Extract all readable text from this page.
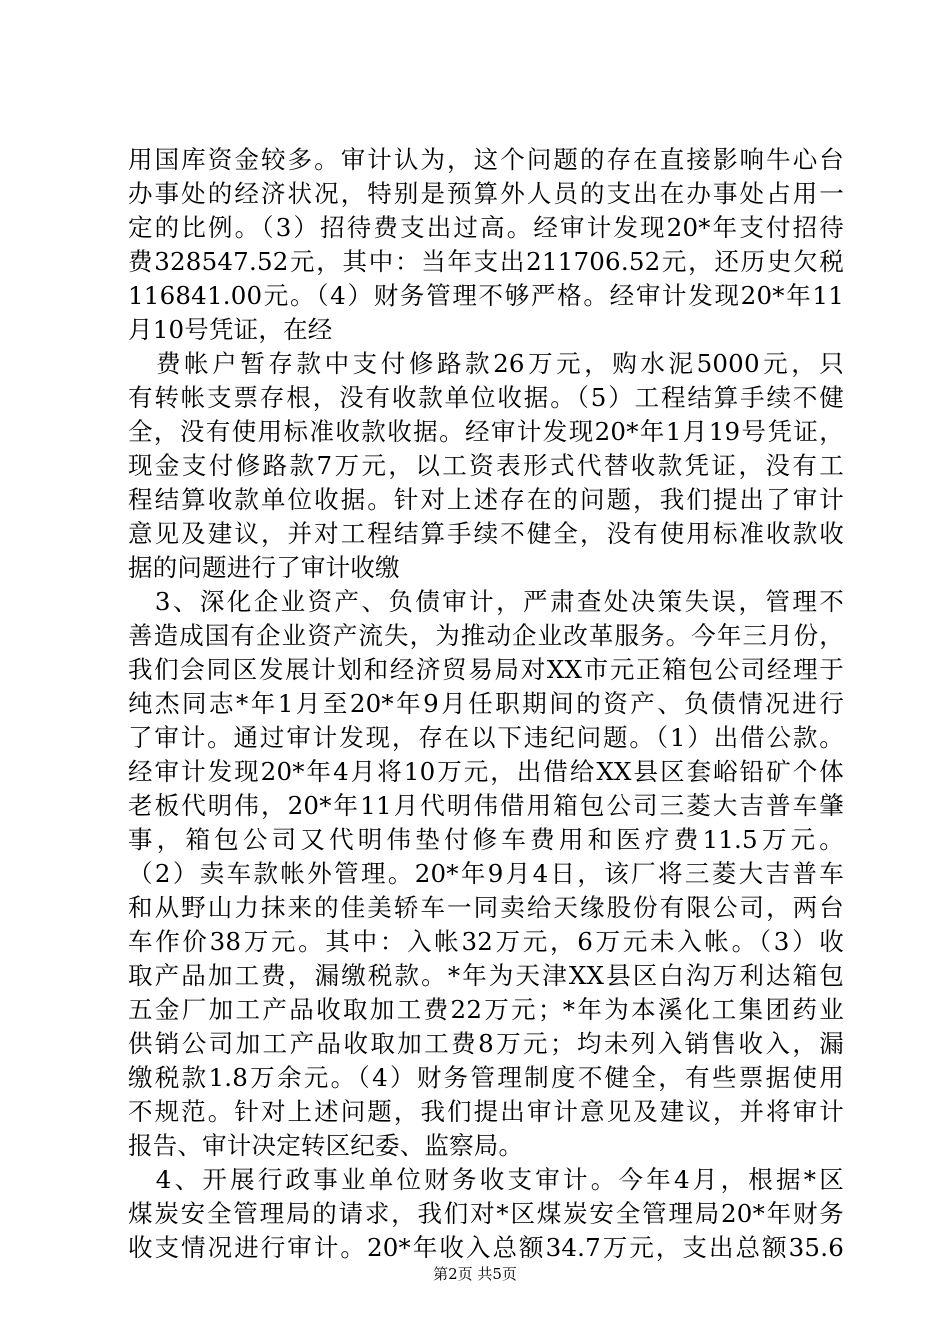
用国库资金较多。审计认为，这个问题的存在直接影响牛心台
办事处的经济状况，特别是预算外人员的支出在办事处占用一
定的比例。（3）招待费支出过高。经审计发现20*年支付招待
费328547.52元，其中：当年支出211706.52元，还历史欠税
116841.00元。（4）财务管理不够严格。经审计发现20*年11
月10号凭证，在经
　费帐户暂存款中支付修路款26万元，购水泥5000元，只
有转帐支票存根，没有收款单位收据。（5）工程结算手续不健
全，没有使用标准收款收据。经审计发现20*年1月19号凭证，
现金支付修路款7万元，以工资表形式代替收款凭证，没有工
程结算收款单位收据。针对上述存在的问题，我们提出了审计
意见及建议，并对工程结算手续不健全，没有使用标准收款收
据的问题进行了审计收缴
　3、深化企业资产、负债审计，严肃查处决策失误，管理不
善造成国有企业资产流失，为推动企业改革服务。今年三月份，
我们会同区发展计划和经济贸易局对XX市元正箱包公司经理于
纯杰同志*年1月至20*年9月任职期间的资产、负债情况进行
了审计。通过审计发现，存在以下违纪问题。（1）出借公款。
经审计发现20*年4月将10万元，出借给XX县区套峪铅矿个体
老板代明伟，20*年11月代明伟借用箱包公司三菱大吉普车肇
事，箱包公司又代明伟垫付修车费用和医疗费11.5万元。
（2）卖车款帐外管理。20*年9月4日，该厂将三菱大吉普车
和从野山力抹来的佳美轿车一同卖给天缘股份有限公司，两台
车作价38万元。其中：入帐32万元，6万元未入帐。（3）收
取产品加工费，漏缴税款。*年为天津XX县区白沟万利达箱包
五金厂加工产品收取加工费22万元；*年为本溪化工集团药业
供销公司加工产品收取加工费8万元；均未列入销售收入，漏
缴税款1.8万余元。（4）财务管理制度不健全，有些票据使用
不规范。针对上述问题，我们提出审计意见及建议，并将审计
报告、审计决定转区纪委、监察局。
　4、开展行政事业单位财务收支审计。今年4月，根据*区
煤炭安全管理局的请求，我们对*区煤炭安全管理局20*年财务
收支情况进行审计。20*年收入总额34.7万元，支出总额35.6
第2页 共5页
